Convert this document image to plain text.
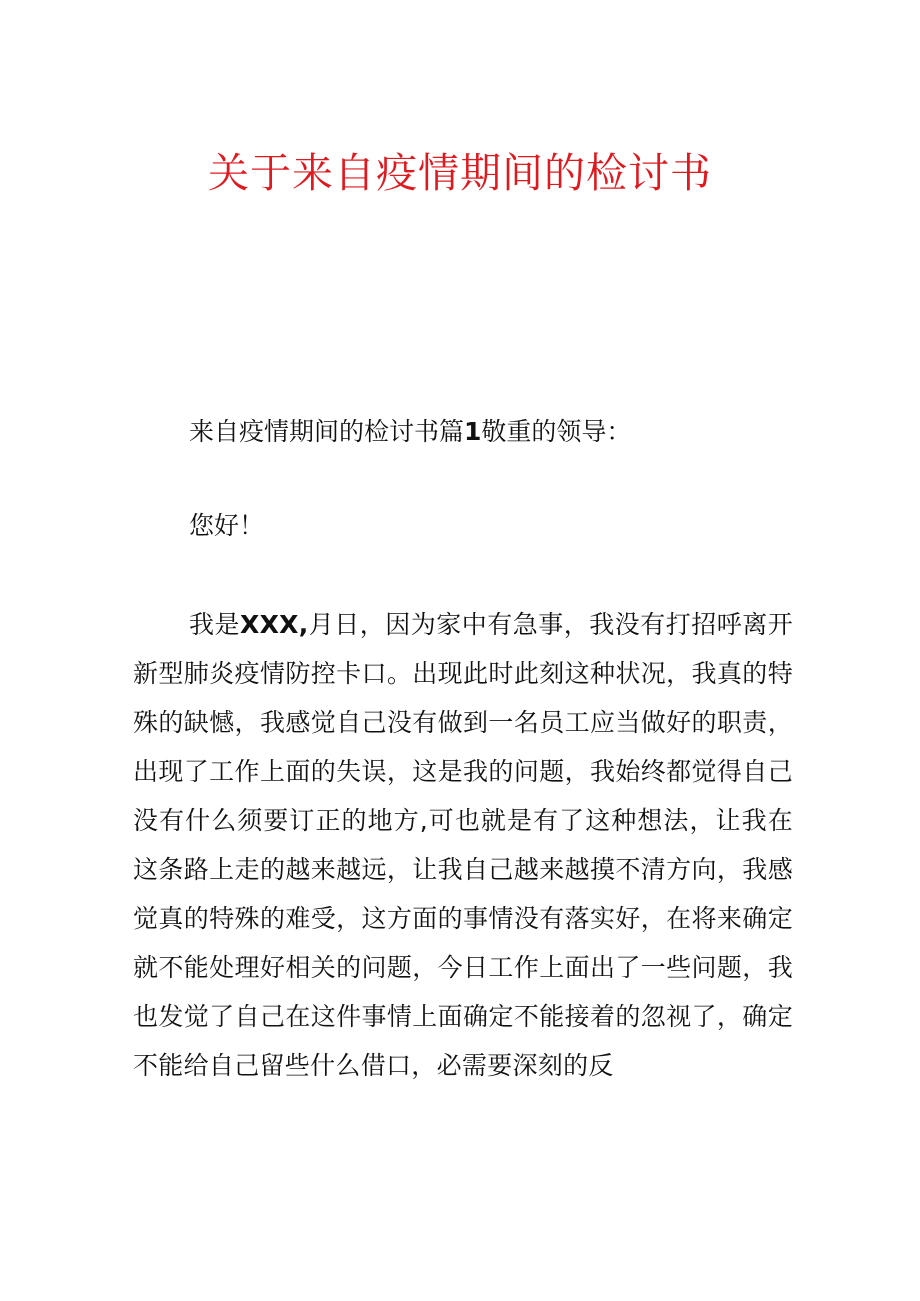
关于来自疫情期间的检讨书

来自疫情期间的检讨书篇1敬重的领导：

您好！

我是XXX,月日，因为家中有急事，我没有打招呼离开新型肺炎疫情防控卡口。出现此时此刻这种状况，我真的特殊的缺憾，我感觉自己没有做到一名员工应当做好的职责，出现了工作上面的失误，这是我的问题，我始终都觉得自己没有什么须要订正的地方,可也就是有了这种想法，让我在这条路上走的越来越远，让我自己越来越摸不清方向，我感觉真的特殊的难受，这方面的事情没有落实好，在将来确定就不能处理好相关的问题，今日工作上面出了一些问题，我也发觉了自己在这件事情上面确定不能接着的忽视了，确定不能给自己留些什么借口，必需要深刻的反
